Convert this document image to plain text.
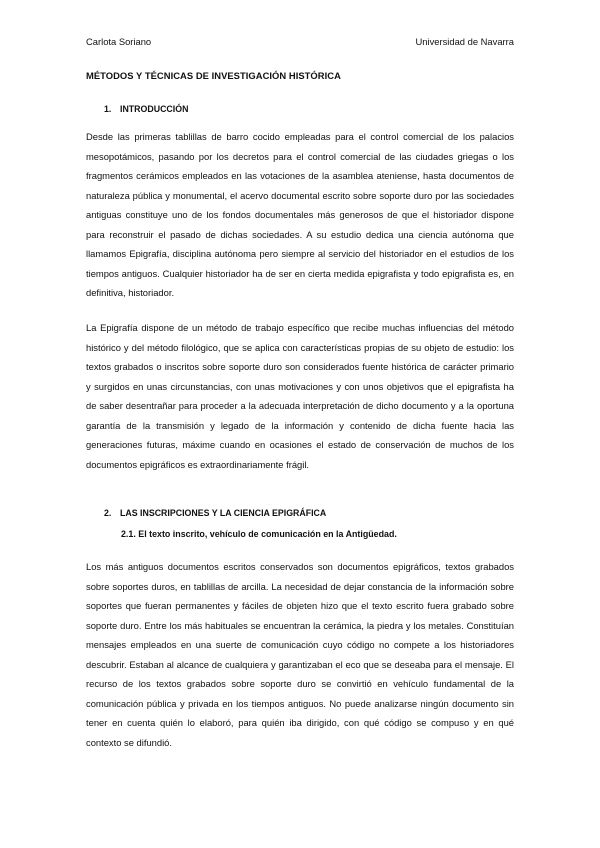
Carlota Soriano	Universidad de Navarra
MÉTODOS Y TÉCNICAS DE INVESTIGACIÓN HISTÓRICA
1. INTRODUCCIÓN

Desde las primeras tablillas de barro cocido empleadas para el control comercial de los palacios mesopotámicos, pasando por los decretos para el control comercial de las ciudades griegas o los fragmentos cerámicos empleados en las votaciones de la asamblea ateniense, hasta documentos de naturaleza pública y monumental, el acervo documental escrito sobre soporte duro por las sociedades antiguas constituye uno de los fondos documentales más generosos de que el historiador dispone para reconstruir el pasado de dichas sociedades. A su estudio dedica una ciencia autónoma que llamamos Epigrafía, disciplina autónoma pero siempre al servicio del historiador en el estudios de los tiempos antiguos. Cualquier historiador ha de ser en cierta medida epigrafista y todo epigrafista es, en definitiva, historiador.

La Epigrafía dispone de un método de trabajo específico que recibe muchas influencias del método histórico y del método filológico, que se aplica con características propias de su objeto de estudio: los textos grabados o inscritos sobre soporte duro son considerados fuente histórica de carácter primario y surgidos en unas circunstancias, con unas motivaciones y con unos objetivos que el epigrafista ha de saber desentrañar para proceder a la adecuada interpretación de dicho documento y a la oportuna garantía de la transmisión y legado de la información y contenido de dicha fuente hacia las generaciones futuras, máxime cuando en ocasiones el estado de conservación de muchos de los documentos epigráficos es extraordinariamente frágil.

2. LAS INSCRIPCIONES Y LA CIENCIA EPIGRÁFICA
2.1. El texto inscrito, vehículo de comunicación en la Antigüedad.

Los más antiguos documentos escritos conservados son documentos epigráficos, textos grabados sobre soportes duros, en tablillas de arcilla. La necesidad de dejar constancia de la información sobre soportes que fueran permanentes y fáciles de objeten hizo que el texto escrito fuera grabado sobre soporte duro. Entre los más habituales se encuentran la cerámica, la piedra y los metales. Constituían mensajes empleados en una suerte de comunicación cuyo código no compete a los historiadores descubrir. Estaban al alcance de cualquiera y garantizaban el eco que se deseaba para el mensaje. El recurso de los textos grabados sobre soporte duro se convirtió en vehículo fundamental de la comunicación pública y privada en los tiempos antiguos. No puede analizarse ningún documento sin tener en cuenta quién lo elaboró, para quién iba dirigido, con qué código se compuso y en qué contexto se difundió.
